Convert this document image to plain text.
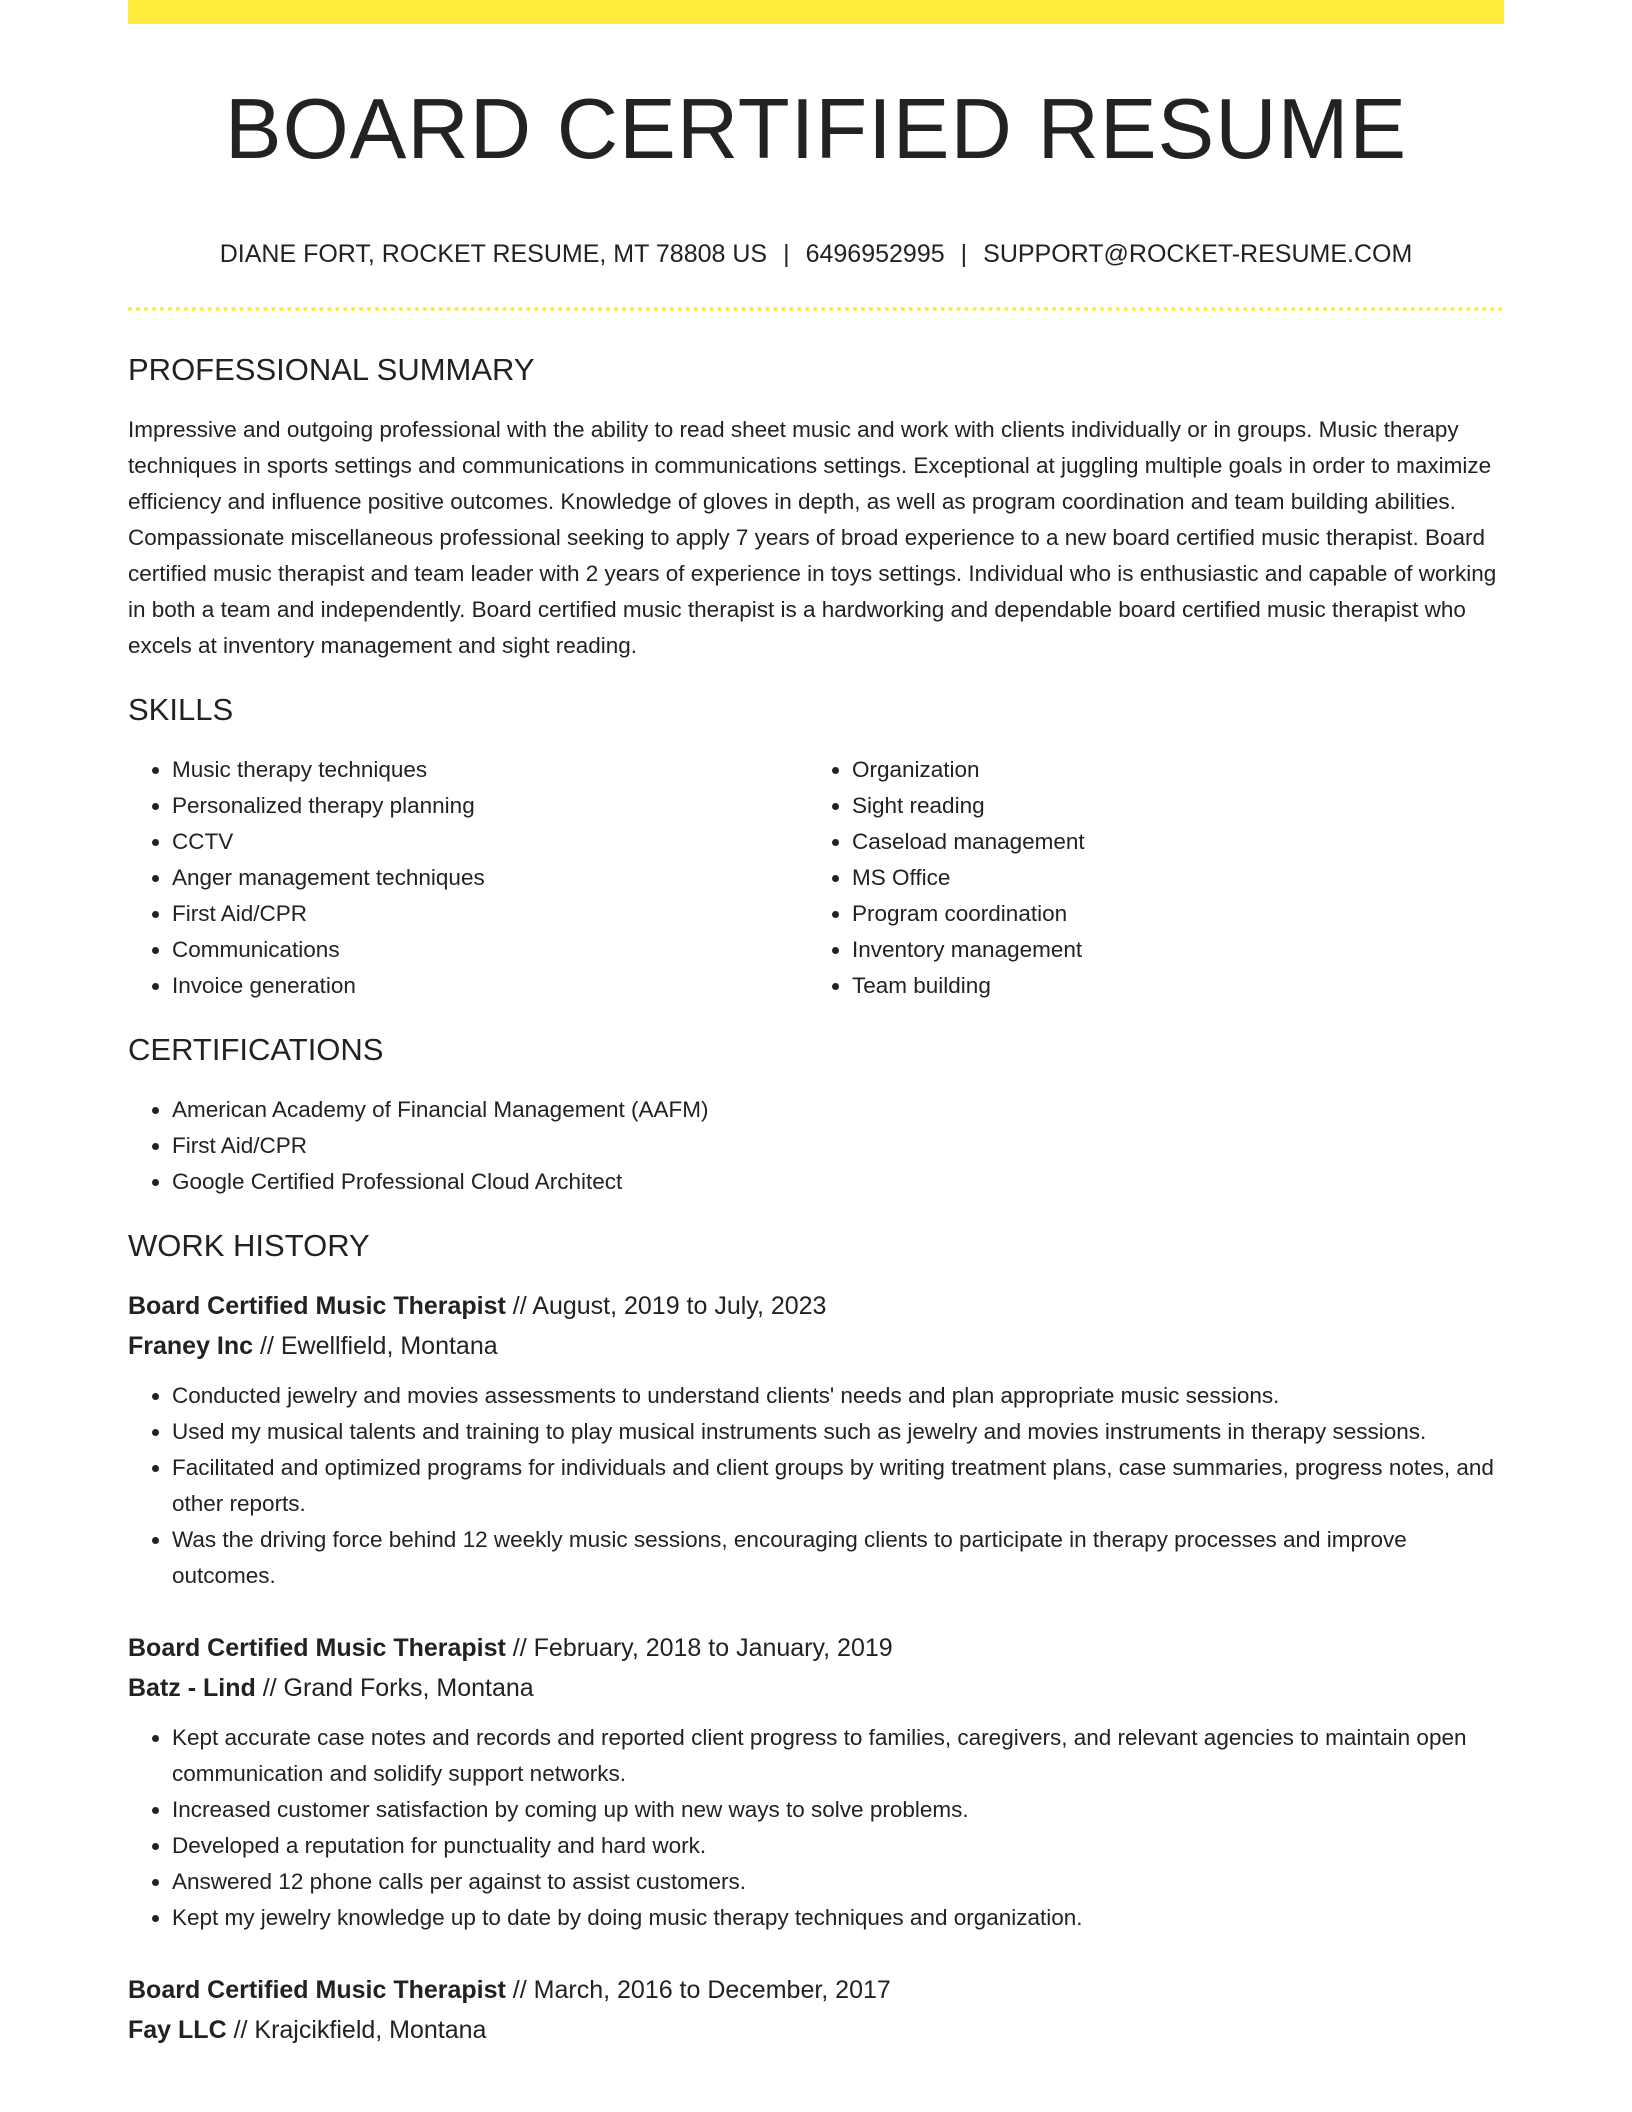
BOARD CERTIFIED RESUME
DIANE FORT, ROCKET RESUME, MT 78808 US | 6496952995 | SUPPORT@ROCKET-RESUME.COM
PROFESSIONAL SUMMARY

Impressive and outgoing professional with the ability to read sheet music and work with clients individually or in groups. Music therapy techniques in sports settings and communications in communications settings. Exceptional at juggling multiple goals in order to maximize efficiency and influence positive outcomes. Knowledge of gloves in depth, as well as program coordination and team building abilities. Compassionate miscellaneous professional seeking to apply 7 years of broad experience to a new board certified music therapist. Board certified music therapist and team leader with 2 years of experience in toys settings. Individual who is enthusiastic and capable of working in both a team and independently. Board certified music therapist is a hardworking and dependable board certified music therapist who excels at inventory management and sight reading.

SKILLS
• Music therapy techniques
• Personalized therapy planning
• CCTV
• Anger management techniques
• First Aid/CPR
• Communications
• Invoice generation
• Organization
• Sight reading
• Caseload management
• MS Office
• Program coordination
• Inventory management
• Team building
CERTIFICATIONS
• American Academy of Financial Management (AAFM)
• First Aid/CPR
• Google Certified Professional Cloud Architect
WORK HISTORY

Board Certified Music Therapist // August, 2019 to July, 2023

Franey Inc // Ewellfield, Montana

• Conducted jewelry and movies assessments to understand clients' needs and plan appropriate music sessions.
• Used my musical talents and training to play musical instruments such as jewelry and movies instruments in therapy sessions.
• Facilitated and optimized programs for individuals and client groups by writing treatment plans, case summaries, progress notes, and other reports.
• Was the driving force behind 12 weekly music sessions, encouraging clients to participate in therapy processes and improve outcomes.

Board Certified Music Therapist // February, 2018 to January, 2019

Batz - Lind // Grand Forks, Montana

• Kept accurate case notes and records and reported client progress to families, caregivers, and relevant agencies to maintain open communication and solidify support networks.
• Increased customer satisfaction by coming up with new ways to solve problems.
• Developed a reputation for punctuality and hard work.
• Answered 12 phone calls per against to assist customers.
• Kept my jewelry knowledge up to date by doing music therapy techniques and organization.

Board Certified Music Therapist // March, 2016 to December, 2017

Fay LLC // Krajcikfield, Montana
